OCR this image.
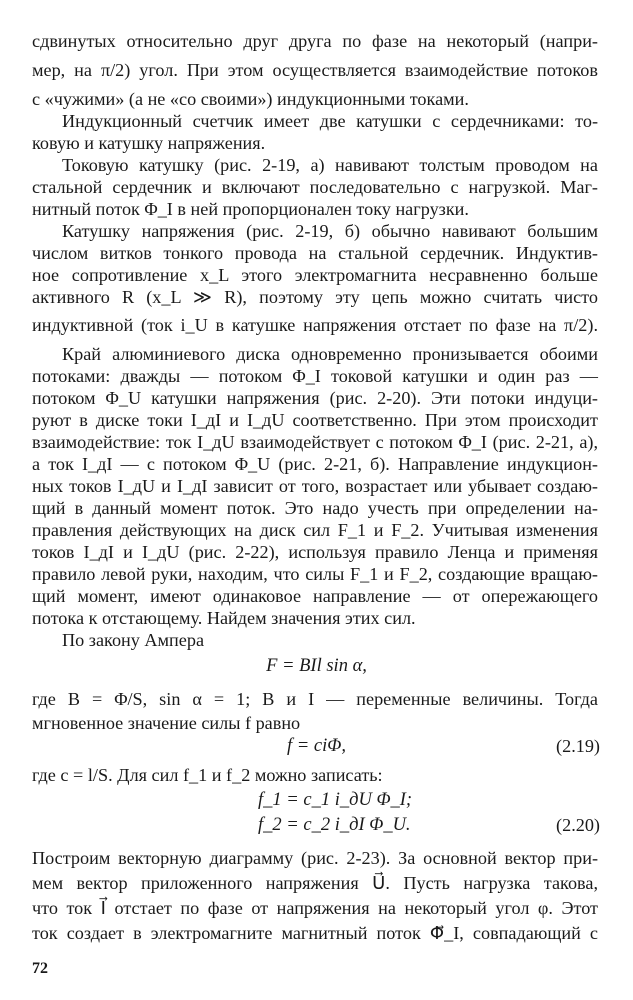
сдвинутых относительно друг друга по фазе на некоторый (напри-
мер, на π/2) угол. При этом осуществляется взаимодействие потоков
с «чужими» (а не «со своими») индукционными токами.
Индукционный счетчик имеет две катушки с сердечниками: то-
ковую и катушку напряжения.
Токовую катушку (рис. 2-19, а) навивают толстым проводом на
стальной сердечник и включают последовательно с нагрузкой. Маг-
нитный поток Φ_I в ней пропорционален току нагрузки.
Катушку напряжения (рис. 2-19, б) обычно навивают большим
числом витков тонкого провода на стальной сердечник. Индуктив-
ное сопротивление x_L этого электромагнита несравненно больше
активного R (x_L ≫ R), поэтому эту цепь можно считать чисто
индуктивной (ток i_U в катушке напряжения отстает по фазе на π/2).
Край алюминиевого диска одновременно пронизывается обоими
потоками: дважды — потоком Φ_I токовой катушки и один раз —
потоком Φ_U катушки напряжения (рис. 2-20). Эти потоки индуци-
руют в диске токи I_дI и I_дU соответственно. При этом происходит
взаимодействие: ток I_дU взаимодействует с потоком Φ_I (рис. 2-21, а),
а ток I_дI — с потоком Φ_U (рис. 2-21, б). Направление индукцион-
ных токов I_дU и I_дI зависит от того, возрастает или убывает создаю-
щий в данный момент поток. Это надо учесть при определении на-
правления действующих на диск сил F_1 и F_2. Учитывая изменения
токов I_дI и I_дU (рис. 2-22), используя правило Ленца и применяя
правило левой руки, находим, что силы F_1 и F_2, создающие вращаю-
щий момент, имеют одинаковое направление — от опережающего
потока к отстающему. Найдем значения этих сил.
По закону Ампера
F = BIl sin α,
где B = Φ/S, sin α = 1; B и I — переменные величины. Тогда
мгновенное значение силы f равно
f = ciΦ,	(2.19)
где c = l/S. Для сил f_1 и f_2 можно записать:
f_1 = c_1 i_дU Φ_I;
f_2 = c_2 i_дI Φ_U.	(2.20)
Построим векторную диаграмму (рис. 2-23). За основной вектор при-
мем вектор приложенного напряжения U⃗. Пусть нагрузка такова,
что ток I⃗ отстает по фазе от напряжения на некоторый угол φ. Этот
ток создает в электромагните магнитный поток Φ⃗_I, совпадающий с
72
